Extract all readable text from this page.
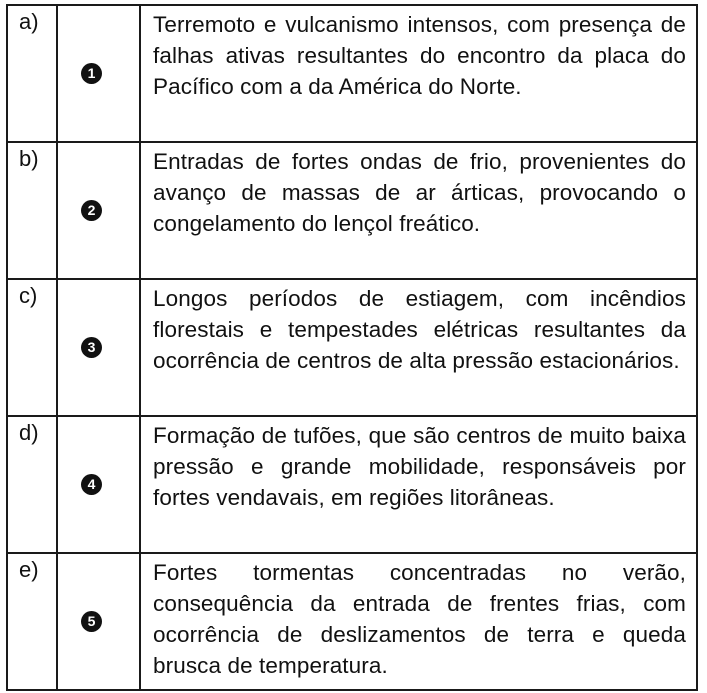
a)	1	Terremoto e vulcanismo intensos, com presença de falhas ativas resultantes do encontro da placa do Pacífico com a da América do Norte.
b)	2	Entradas de fortes ondas de frio, provenientes do avanço de massas de ar árticas, provocando o congelamento do lençol freático.
c)	3	Longos períodos de estiagem, com incêndios florestais e tempestades elétricas resultantes da ocorrência de centros de alta pressão estacionários.
d)	4	Formação de tufões, que são centros de muito baixa pressão e grande mobilidade, responsáveis por fortes vendavais, em regiões litorâneas.
e)	5	Fortes tormentas concentradas no verão, consequência da entrada de frentes frias, com ocorrência de deslizamentos de terra e queda brusca de temperatura.
